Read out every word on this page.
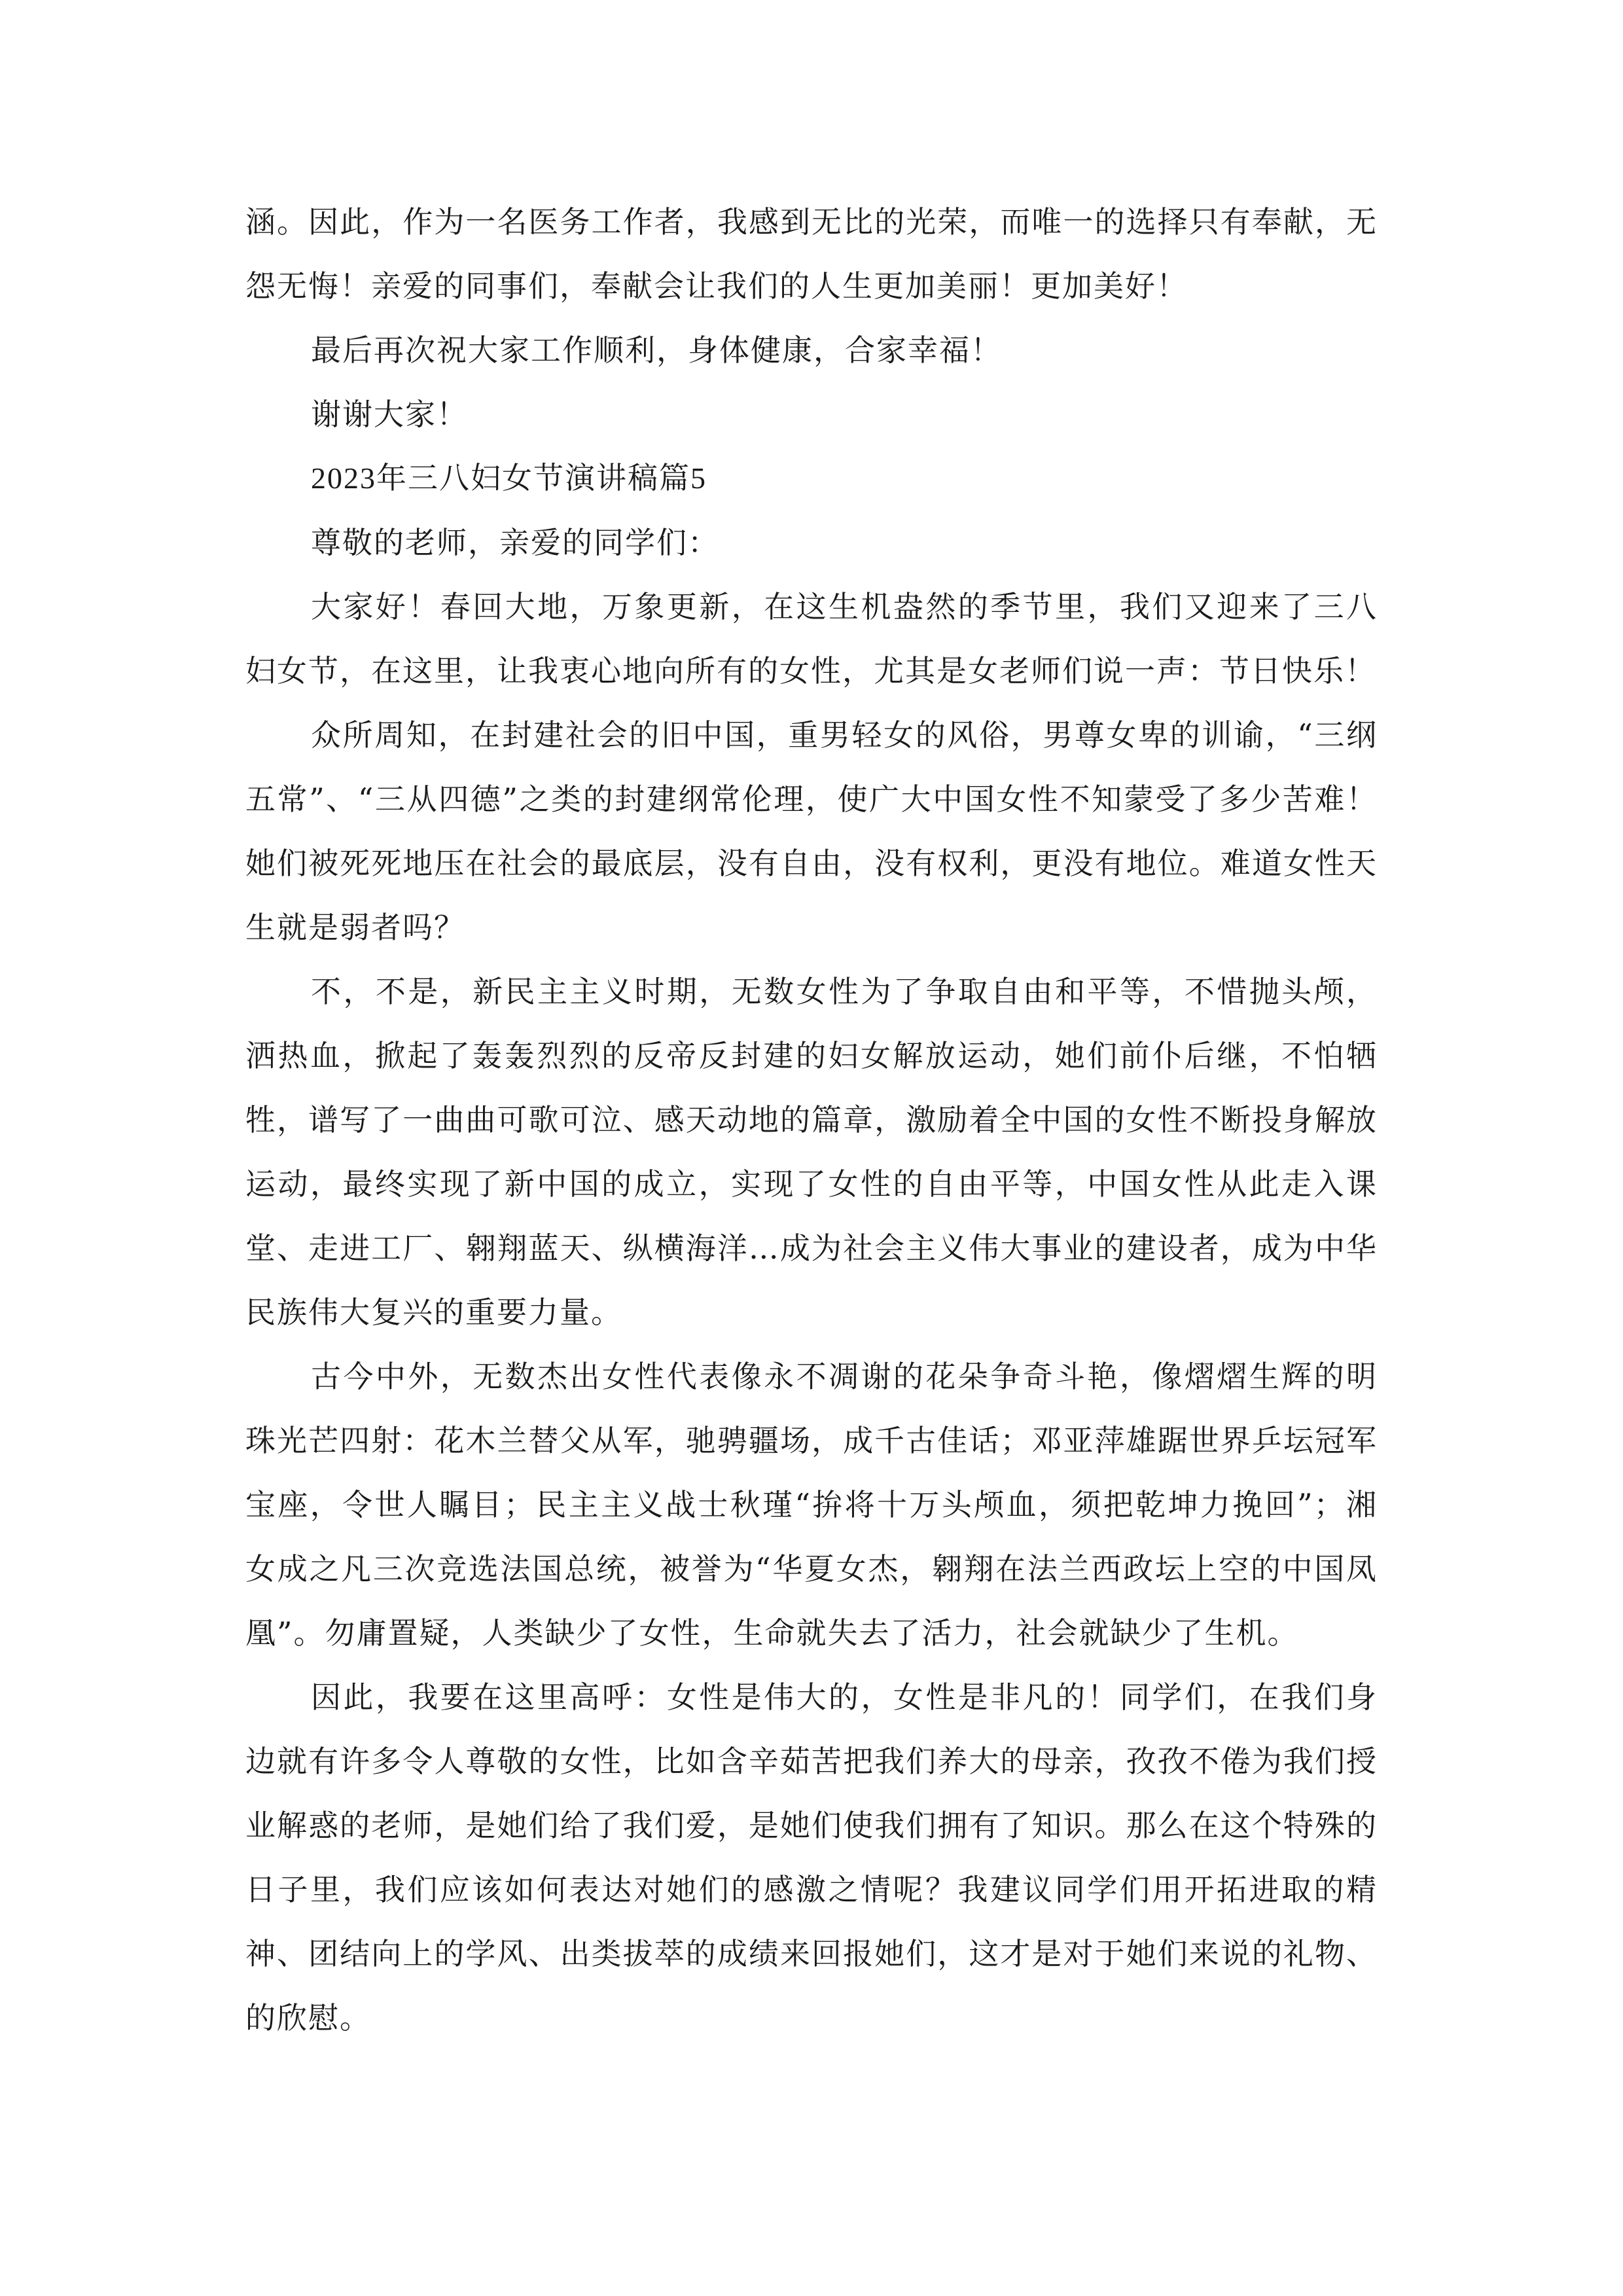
涵。因此，作为一名医务工作者，我感到无比的光荣，而唯一的选择只有奉献，无怨无悔！亲爱的同事们，奉献会让我们的人生更加美丽！更加美好！

最后再次祝大家工作顺利，身体健康，合家幸福！

谢谢大家！

2023年三八妇女节演讲稿篇5

尊敬的老师，亲爱的同学们：

大家好！春回大地，万象更新，在这生机盎然的季节里，我们又迎来了三八妇女节，在这里，让我衷心地向所有的女性，尤其是女老师们说一声：节日快乐！

众所周知，在封建社会的旧中国，重男轻女的风俗，男尊女卑的训谕，“三纲五常”、“三从四德”之类的封建纲常伦理，使广大中国女性不知蒙受了多少苦难！她们被死死地压在社会的最底层，没有自由，没有权利，更没有地位。难道女性天生就是弱者吗？

不，不是，新民主主义时期，无数女性为了争取自由和平等，不惜抛头颅，洒热血，掀起了轰轰烈烈的反帝反封建的妇女解放运动，她们前仆后继，不怕牺牲，谱写了一曲曲可歌可泣、感天动地的篇章，激励着全中国的女性不断投身解放运动，最终实现了新中国的成立，实现了女性的自由平等，中国女性从此走入课堂、走进工厂、翱翔蓝天、纵横海洋…成为社会主义伟大事业的建设者，成为中华民族伟大复兴的重要力量。

古今中外，无数杰出女性代表像永不凋谢的花朵争奇斗艳，像熠熠生辉的明珠光芒四射：花木兰替父从军，驰骋疆场，成千古佳话；邓亚萍雄踞世界乒坛冠军宝座，令世人瞩目；民主主义战士秋瑾“拚将十万头颅血，须把乾坤力挽回”；湘女成之凡三次竞选法国总统，被誉为“华夏女杰，翱翔在法兰西政坛上空的中国凤凰”。勿庸置疑，人类缺少了女性，生命就失去了活力，社会就缺少了生机。

因此，我要在这里高呼：女性是伟大的，女性是非凡的！同学们，在我们身边就有许多令人尊敬的女性，比如含辛茹苦把我们养大的母亲，孜孜不倦为我们授业解惑的老师，是她们给了我们爱，是她们使我们拥有了知识。那么在这个特殊的日子里，我们应该如何表达对她们的感激之情呢？我建议同学们用开拓进取的精神、团结向上的学风、出类拔萃的成绩来回报她们，这才是对于她们来说的礼物、的欣慰。
